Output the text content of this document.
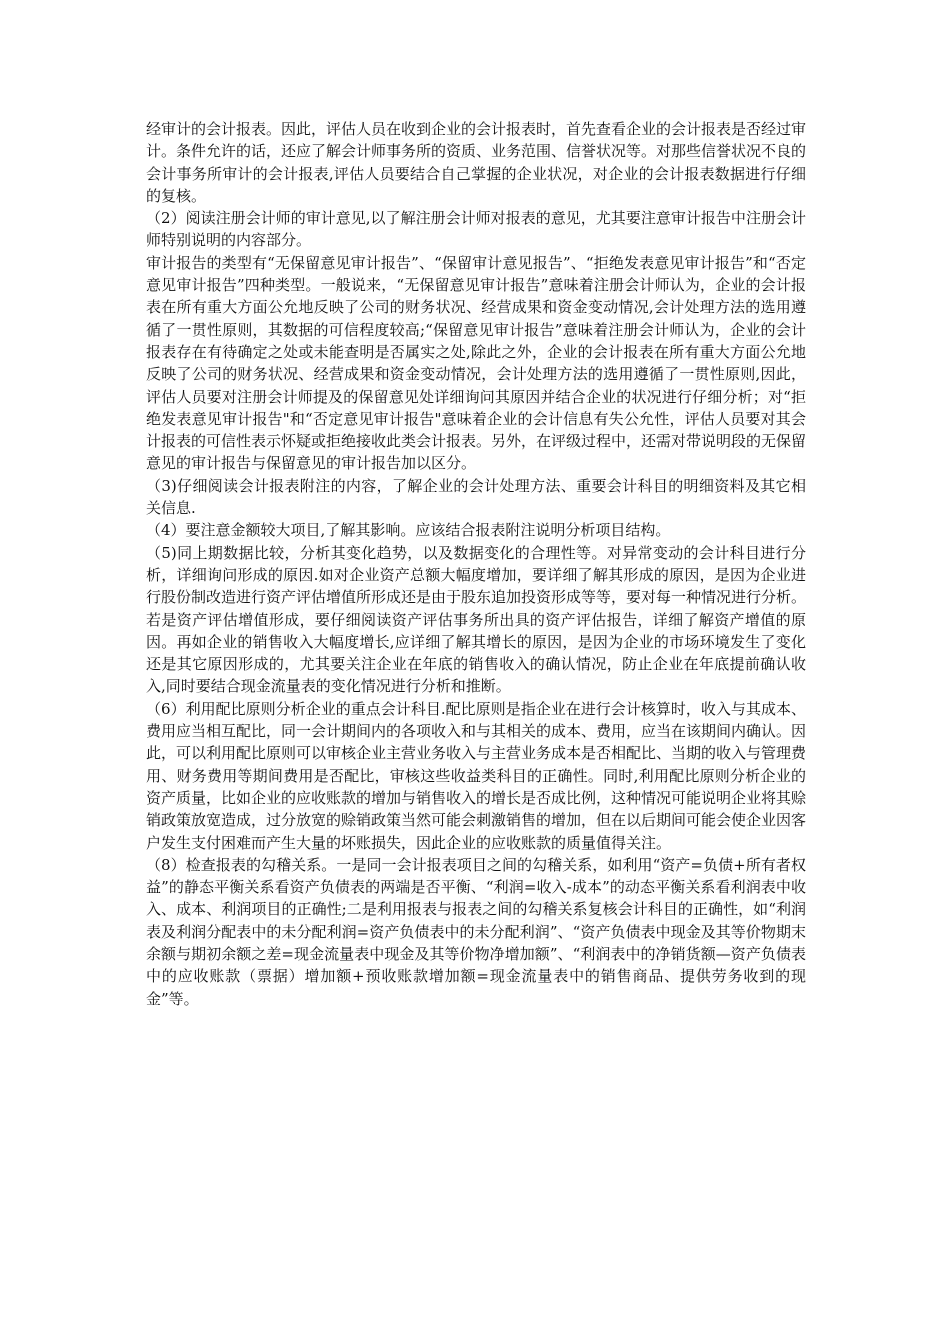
经审计的会计报表。因此，评估人员在收到企业的会计报表时，首先查看企业的会计报表是否经过审计。条件允许的话，还应了解会计师事务所的资质、业务范围、信誉状况等。对那些信誉状况不良的会计事务所审计的会计报表,评估人员要结合自己掌握的企业状况，对企业的会计报表数据进行仔细的复核。

（2）阅读注册会计师的审计意见,以了解注册会计师对报表的意见，尤其要注意审计报告中注册会计师特别说明的内容部分。

审计报告的类型有“无保留意见审计报告”、“保留审计意见报告”、“拒绝发表意见审计报告”和“否定意见审计报告”四种类型。一般说来，“无保留意见审计报告”意味着注册会计师认为，企业的会计报表在所有重大方面公允地反映了公司的财务状况、经营成果和资金变动情况,会计处理方法的选用遵循了一贯性原则，其数据的可信程度较高;“保留意见审计报告”意味着注册会计师认为，企业的会计报表存在有待确定之处或未能查明是否属实之处,除此之外，企业的会计报表在所有重大方面公允地反映了公司的财务状况、经营成果和资金变动情况，会计处理方法的选用遵循了一贯性原则,因此，评估人员要对注册会计师提及的保留意见处详细询问其原因并结合企业的状况进行仔细分析；对“拒绝发表意见审计报告"和“否定意见审计报告"意味着企业的会计信息有失公允性，评估人员要对其会计报表的可信性表示怀疑或拒绝接收此类会计报表。另外，在评级过程中，还需对带说明段的无保留意见的审计报告与保留意见的审计报告加以区分。

（3)仔细阅读会计报表附注的内容，了解企业的会计处理方法、重要会计科目的明细资料及其它相关信息.

（4）要注意金额较大项目,了解其影响。应该结合报表附注说明分析项目结构。

（5)同上期数据比较，分析其变化趋势，以及数据变化的合理性等。对异常变动的会计科目进行分析，详细询问形成的原因.如对企业资产总额大幅度增加，要详细了解其形成的原因，是因为企业进行股份制改造进行资产评估增值所形成还是由于股东追加投资形成等等，要对每一种情况进行分析。若是资产评估增值形成，要仔细阅读资产评估事务所出具的资产评估报告，详细了解资产增值的原因。再如企业的销售收入大幅度增长,应详细了解其增长的原因，是因为企业的市场环境发生了变化还是其它原因形成的，尤其要关注企业在年底的销售收入的确认情况，防止企业在年底提前确认收入,同时要结合现金流量表的变化情况进行分析和推断。

（6）利用配比原则分析企业的重点会计科目.配比原则是指企业在进行会计核算时，收入与其成本、费用应当相互配比，同一会计期间内的各项收入和与其相关的成本、费用，应当在该期间内确认。因此，可以利用配比原则可以审核企业主营业务收入与主营业务成本是否相配比、当期的收入与管理费用、财务费用等期间费用是否配比，审核这些收益类科目的正确性。同时,利用配比原则分析企业的资产质量，比如企业的应收账款的增加与销售收入的增长是否成比例，这种情况可能说明企业将其赊销政策放宽造成，过分放宽的赊销政策当然可能会刺激销售的增加，但在以后期间可能会使企业因客户发生支付困难而产生大量的坏账损失，因此企业的应收账款的质量值得关注。

（8）检查报表的勾稽关系。一是同一会计报表项目之间的勾稽关系，如利用“资产=负债+所有者权益”的静态平衡关系看资产负债表的两端是否平衡、“利润=收入-成本”的动态平衡关系看利润表中收入、成本、利润项目的正确性;二是利用报表与报表之间的勾稽关系复核会计科目的正确性，如“利润表及利润分配表中的未分配利润=资产负债表中的未分配利润”、“资产负债表中现金及其等价物期末余额与期初余额之差=现金流量表中现金及其等价物净增加额”、“利润表中的净销货额—资产负债表中的应收账款（票据）增加额+预收账款增加额=现金流量表中的销售商品、提供劳务收到的现金”等。
